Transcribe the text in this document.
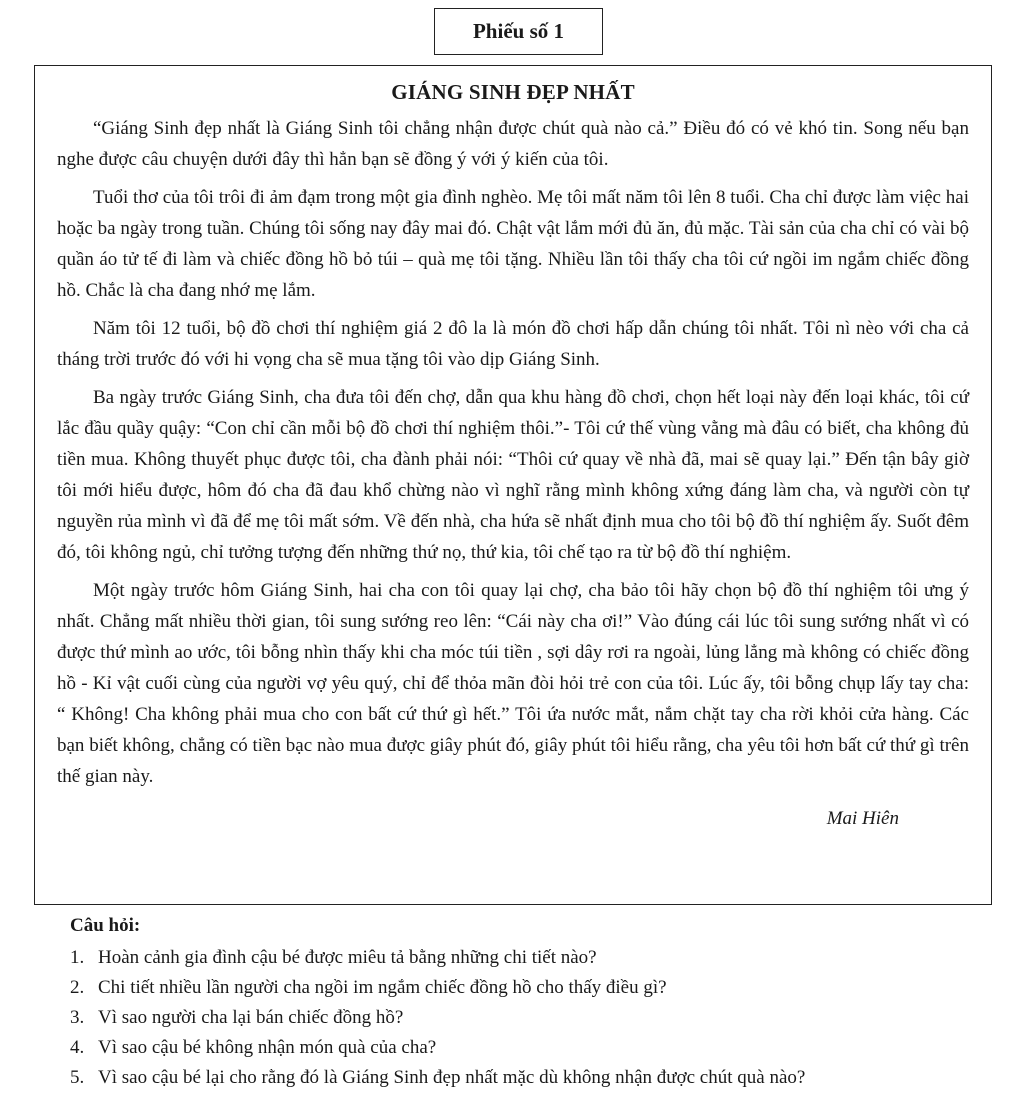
Phiếu số 1
GIÁNG SINH ĐẸP NHẤT

“Giáng Sinh đẹp nhất là Giáng Sinh tôi chẳng nhận được chút quà nào cả.” Điều đó có vẻ khó tin. Song nếu bạn nghe được câu chuyện dưới đây thì hẳn bạn sẽ đồng ý với ý kiến của tôi.

Tuổi thơ của tôi trôi đi ảm đạm trong một gia đình nghèo. Mẹ tôi mất năm tôi lên 8 tuổi. Cha chỉ được làm việc hai hoặc ba ngày trong tuần. Chúng tôi sống nay đây mai đó. Chật vật lắm mới đủ ăn, đủ mặc. Tài sản của cha chỉ có vài bộ quần áo tử tế đi làm và chiếc đồng hồ bỏ túi – quà mẹ tôi tặng. Nhiều lần tôi thấy cha tôi cứ ngồi im ngắm chiếc đồng hồ. Chắc là cha đang nhớ mẹ lắm.

Năm tôi 12 tuổi, bộ đồ chơi thí nghiệm giá 2 đô la là món đồ chơi hấp dẫn chúng tôi nhất. Tôi nì nèo với cha cả tháng trời trước đó với hi vọng cha sẽ mua tặng tôi vào dịp Giáng Sinh.

Ba ngày trước Giáng Sinh, cha đưa tôi đến chợ, dẫn qua khu hàng đồ chơi, chọn hết loại này đến loại khác, tôi cứ lắc đầu quầy quậy: “Con chỉ cần mỗi bộ đồ chơi thí nghiệm thôi.”- Tôi cứ thế vùng vằng mà đâu có biết, cha không đủ tiền mua. Không thuyết phục được tôi, cha đành phải nói: “Thôi cứ quay về nhà đã, mai sẽ quay lại.” Đến tận bây giờ tôi mới hiểu được, hôm đó cha đã đau khổ chừng nào vì nghĩ rằng mình không xứng đáng làm cha, và người còn tự nguyền rủa mình vì đã để mẹ tôi mất sớm. Về đến nhà, cha hứa sẽ nhất định mua cho tôi bộ đồ thí nghiệm ấy. Suốt đêm đó, tôi không ngủ, chỉ tưởng tượng đến những thứ nọ, thứ kia, tôi chế tạo ra từ bộ đồ thí nghiệm.

Một ngày trước hôm Giáng Sinh, hai cha con tôi quay lại chợ, cha bảo tôi hãy chọn bộ đồ thí nghiệm tôi ưng ý nhất. Chẳng mất nhiều thời gian, tôi sung sướng reo lên: “Cái này cha ơi!” Vào đúng cái lúc tôi sung sướng nhất vì có được thứ mình ao ước, tôi bỗng nhìn thấy khi cha móc túi tiền , sợi dây rơi ra ngoài, lủng lẳng mà không có chiếc đồng hồ - Kỉ vật cuối cùng của người vợ yêu quý, chỉ để thỏa mãn đòi hỏi trẻ con của tôi. Lúc ấy, tôi bỗng chụp lấy tay cha: “ Không! Cha không phải mua cho con bất cứ thứ gì hết.” Tôi ứa nước mắt, nắm chặt tay cha rời khỏi cửa hàng. Các bạn biết không, chẳng có tiền bạc nào mua được giây phút đó, giây phút tôi hiểu rằng, cha yêu tôi hơn bất cứ thứ gì trên thế gian này.

Mai Hiên
Câu hỏi:
1. Hoàn cảnh gia đình cậu bé được miêu tả bằng những chi tiết nào?
2. Chi tiết nhiều lần người cha ngồi im ngắm chiếc đồng hồ cho thấy điều gì?
3. Vì sao người cha lại bán chiếc đồng hồ?
4. Vì sao cậu bé không nhận món quà của cha?
5. Vì sao cậu bé lại cho rằng đó là Giáng Sinh đẹp nhất mặc dù không nhận được chút quà nào?
